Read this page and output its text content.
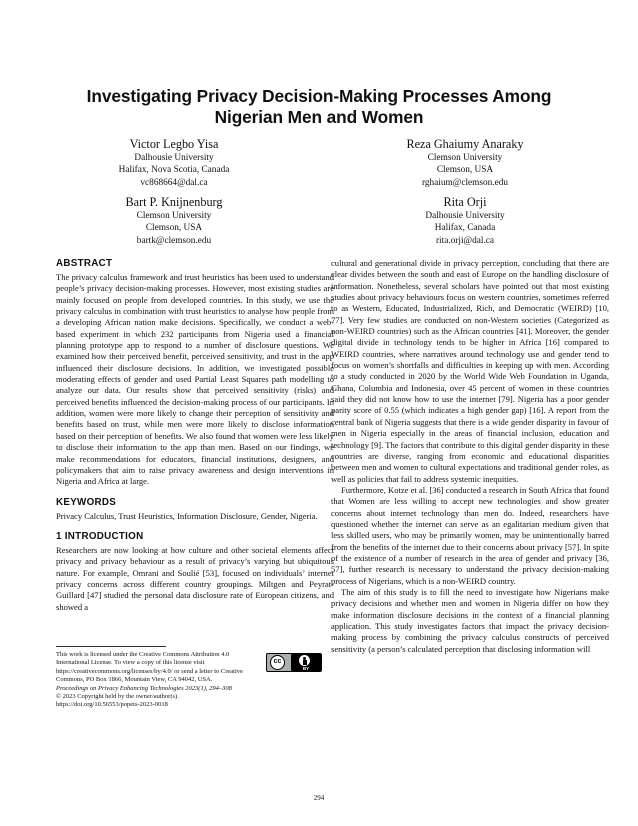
Investigating Privacy Decision-Making Processes Among Nigerian Men and Women
Victor Legbo Yisa
Dalhousie University
Halifax, Nova Scotia, Canada
vc868664@dal.ca
Reza Ghaiumy Anaraky
Clemson University
Clemson, USA
rghaium@clemson.edu
Bart P. Knijnenburg
Clemson University
Clemson, USA
bartk@clemson.edu
Rita Orji
Dalhousie University
Halifax, Canada
rita.orji@dal.ca
ABSTRACT

The privacy calculus framework and trust heuristics has been used to understand people’s privacy decision-making processes. However, most existing studies are mainly focused on people from developed countries. In this study, we use the privacy calculus in combination with trust heuristics to analyse how people from a developing African nation make decisions. Specifically, we conduct a web-based experiment in which 232 participants from Nigeria used a financial planning prototype app to respond to a number of disclosure questions. We examined how their perceived benefit, perceived sensitivity, and trust in the app influenced their disclosure decisions. In addition, we investigated possible moderating effects of gender and used Partial Least Squares path modelling to analyze our data. Our results show that perceived sensitivity (risks) and perceived benefits influenced the decision-making process of our participants. In addition, women were more likely to change their perception of sensitivity and benefits based on trust, while men were more likely to disclose information based on their perception of benefits. We also found that women were less likely to disclose their information to the app than men. Based on our findings, we make recommendations for educators, financial institutions, designers, and policymakers that aim to raise privacy awareness and design interventions in Nigeria and Africa at large.

KEYWORDS

Privacy Calculus, Trust Heuristics, Information Disclosure, Gender, Nigeria.

1 INTRODUCTION

Researchers are now looking at how culture and other societal elements affect privacy and privacy behaviour as a result of privacy’s varying but ubiquitous nature. For example, Omrani and Soulié [53], focused on individuals’ internet privacy concerns across different country groupings. Miltgen and Peyrat-Guillard [47] studied the personal data disclosure rate of European citizens, and showed a

cultural and generational divide in privacy perception, concluding that there are clear divides between the south and east of Europe on the handling disclosure of information. Nonetheless, several scholars have pointed out that most existing studies about privacy behaviours focus on western countries, sometimes referred to as Western, Educated, Industrialized, Rich, and Democratic (WEIRD) [10, 77]. Very few studies are conducted on non-Western societies (Categorized as non-WEIRD countries) such as the African countries [41]. Moreover, the gender digital divide in technology tends to be higher in Africa [16] compared to WEIRD countries, where narratives around technology use and gender tend to focus on women’s shortfalls and difficulties in keeping up with men. According to a study conducted in 2020 by the World Wide Web Foundation in Uganda, Ghana, Columbia and Indonesia, over 45 percent of women in these countries said they did not know how to use the internet [79]. Nigeria has a poor gender parity score of 0.55 (which indicates a high gender gap) [16]. A report from the central bank of Nigeria suggests that there is a wide gender disparity in favour of men in Nigeria especially in the areas of financial inclusion, education and technology [9]. The factors that contribute to this digital gender disparity in these countries are diverse, ranging from economic and educational disparities between men and women to cultural expectations and traditional gender roles, as well as policies that fail to address systemic inequities.

Furthermore, Kotze et al. [36] conducted a research in South Africa that found that Women are less willing to accept new technologies and show greater concerns about internet technology than men do. Indeed, researchers have questioned whether the internet can serve as an egalitarian medium given that less skilled users, who may be primarily women, may be unintentionally barred from the benefits of the internet due to their concerns about privacy [57]. In spite of the existence of a number of research in the area of gender and privacy [36, 57], further research is necessary to understand the privacy decision-making process of Nigerians, which is a non-WEIRD country.

The aim of this study is to fill the need to investigate how Nigerians make privacy decisions and whether men and women in Nigeria differ on how they make information disclosure decisions in the context of a financial planning application. This study investigates factors that impact the privacy decision-making process by combining the privacy calculus constructs of perceived sensitivity (a person’s calculated perception that disclosing information will

This work is licensed under the Creative Commons Attribution 4.0 International License. To view a copy of this license visit https://creativecommons.org/licenses/by/4.0/ or send a letter to Creative Commons, PO Box 1866, Mountain View, CA 94042, USA.
cc
BY
Proceedings on Privacy Enhancing Technologies 2023(1), 294–308
© 2023 Copyright held by the owner/author(s).
https://doi.org/10.56553/popets-2023-0018
294
